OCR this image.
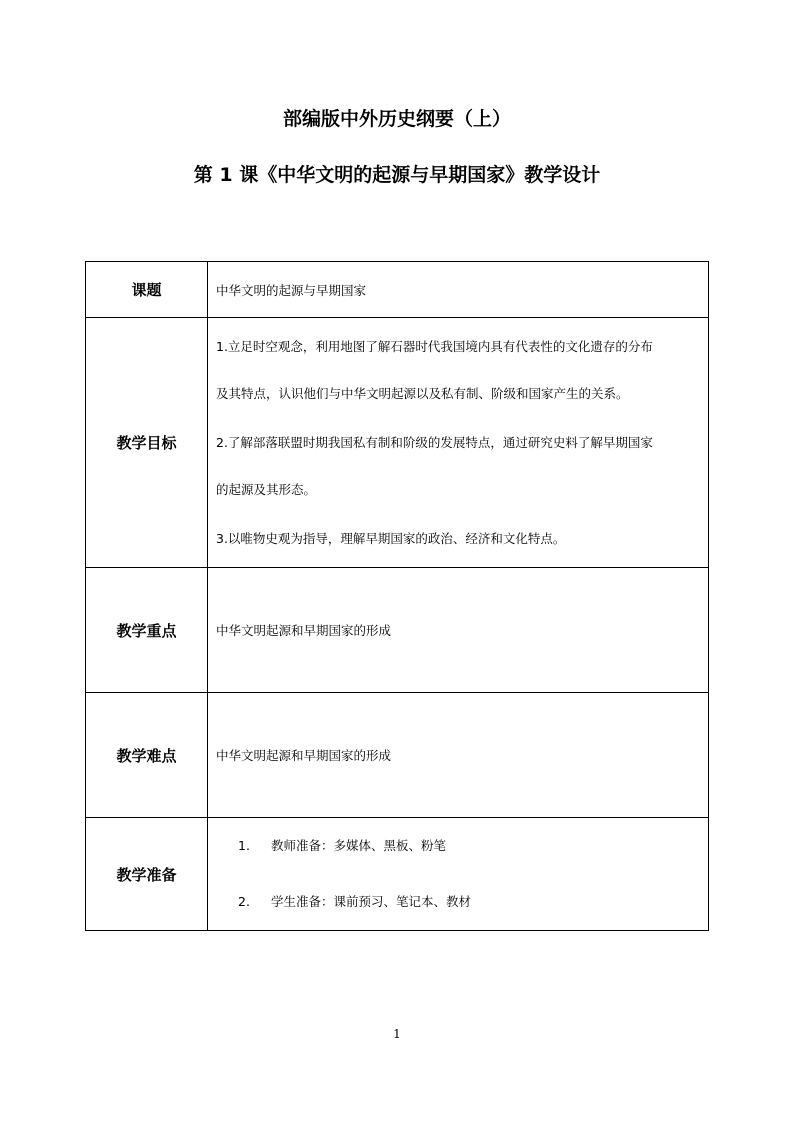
部编版中外历史纲要（上）
第 1 课《中华文明的起源与早期国家》教学设计
课题	中华文明的起源与早期国家
教学目标	1.立足时空观念，利用地图了解石器时代我国境内具有代表性的文化遗存的分布

及其特点，认识他们与中华文明起源以及私有制、阶级和国家产生的关系。

2.了解部落联盟时期我国私有制和阶级的发展特点，通过研究史料了解早期国家

的起源及其形态。

3.以唯物史观为指导，理解早期国家的政治、经济和文化特点。

教学重点	中华文明起源和早期国家的形成
教学难点	中华文明起源和早期国家的形成
教学准备	1. 教师准备：多媒体、黑板、粉笔
2. 学生准备：课前预习、笔记本、教材
1
